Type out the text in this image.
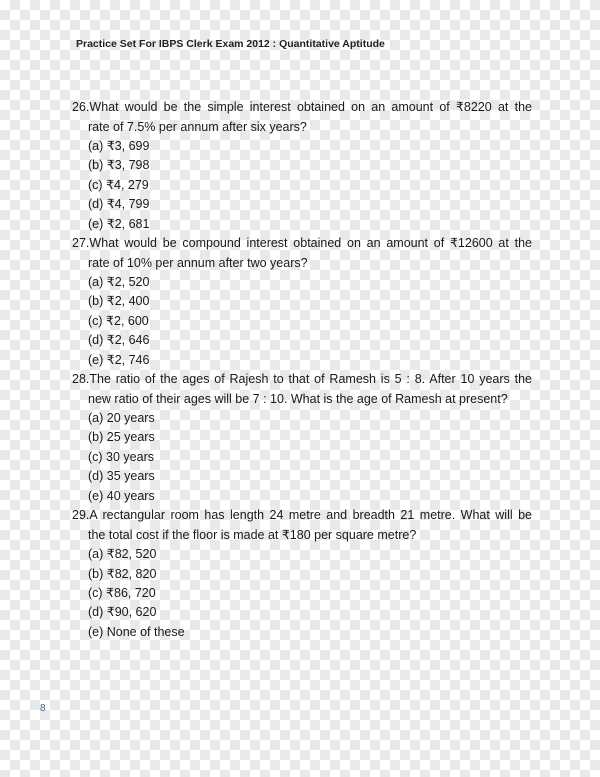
Practice Set For IBPS Clerk Exam 2012 : Quantitative Aptitude
26. What would be the simple interest obtained on an amount of ₹8220 at the
rate of 7.5% per annum after six years?
(a) ₹3, 699
(b) ₹3, 798
(c) ₹4, 279
(d) ₹4, 799
(e) ₹2, 681
27. What would be compound interest obtained on an amount of ₹12600 at the
rate of 10% per annum after two years?
(a) ₹2, 520
(b) ₹2, 400
(c) ₹2, 600
(d) ₹2, 646
(e) ₹2, 746
28. The ratio of the ages of Rajesh to that of Ramesh is 5 : 8. After 10 years the
new ratio of their ages will be 7 : 10. What is the age of Ramesh at present?
(a) 20 years
(b) 25 years
(c) 30 years
(d) 35 years
(e) 40 years
29. A rectangular room has length 24 metre and breadth 21 metre. What will be
the total cost if the floor is made at ₹180 per square metre?
(a) ₹82, 520
(b) ₹82, 820
(c) ₹86, 720
(d) ₹90, 620
(e) None of these
8
